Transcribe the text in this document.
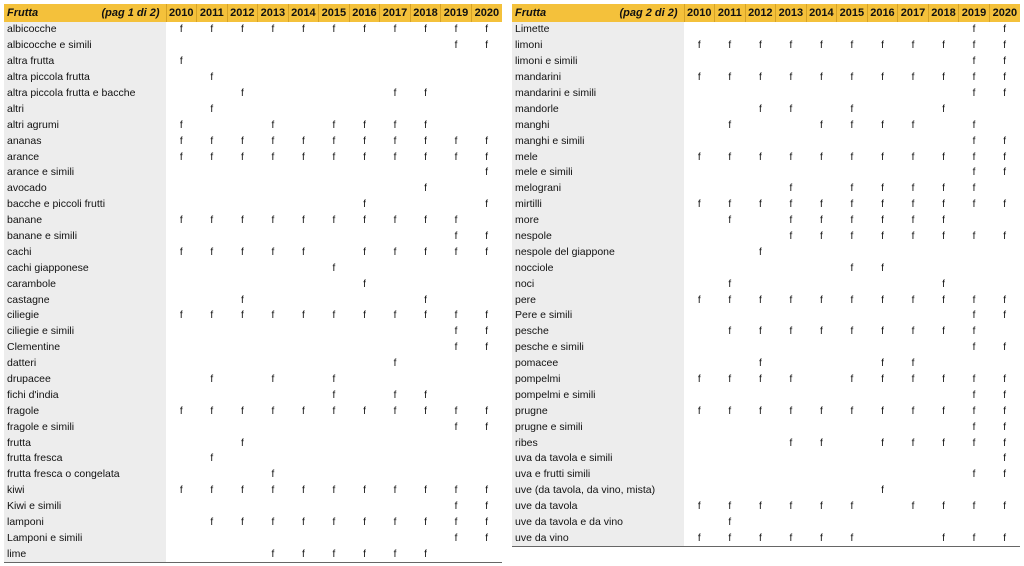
Frutta (pag 1 di 2)	2010	2011	2012	2013	2014	2015	2016	2017	2018	2019	2020
albicocche	f	f	f	f	f	f	f	f	f	f	f
albicocche e simili										f	f
altra frutta	f										
altra piccola frutta		f									
altra piccola frutta e bacche			f					f	f		
altri		f									
altri agrumi	f			f		f	f	f	f		
ananas	f	f	f	f	f	f	f	f	f	f	f
arance	f	f	f	f	f	f	f	f	f	f	f
arance e simili											f
avocado									f		
bacche e piccoli frutti							f				f
banane	f	f	f	f	f	f	f	f	f	f	
banane e simili										f	f
cachi	f	f	f	f	f		f	f	f	f	f
cachi giapponese						f					
carambole							f				
castagne			f						f		
ciliegie	f	f	f	f	f	f	f	f	f	f	f
ciliegie e simili										f	f
Clementine										f	f
datteri								f			
drupacee		f		f		f					
fichi d'india						f		f	f		
fragole	f	f	f	f	f	f	f	f	f	f	f
fragole e simili										f	f
frutta			f								
frutta fresca		f									
frutta fresca o congelata				f							
kiwi	f	f	f	f	f	f	f	f	f	f	f
Kiwi e simili										f	f
lamponi		f	f	f	f	f	f	f	f	f	f
Lamponi e simili										f	f
lime				f	f	f	f	f	f		
Frutta (pag 2 di 2)	2010	2011	2012	2013	2014	2015	2016	2017	2018	2019	2020
Limette										f	f
limoni	f	f	f	f	f	f	f	f	f	f	f
limoni e simili										f	f
mandarini	f	f	f	f	f	f	f	f	f	f	f
mandarini e simili										f	f
mandorle			f	f		f			f		
manghi		f			f	f	f	f		f	
manghi e simili										f	f
mele	f	f	f	f	f	f	f	f	f	f	f
mele e simili										f	f
melograni				f		f	f	f	f	f	
mirtilli	f	f	f	f	f	f	f	f	f	f	f
more		f		f	f	f	f	f	f		
nespole				f	f	f	f	f	f	f	f
nespole del giappone			f								
nocciole						f	f				
noci		f							f		
pere	f	f	f	f	f	f	f	f	f	f	f
Pere e simili										f	f
pesche		f	f	f	f	f	f	f	f	f	
pesche e simili										f	f
pomacee			f				f	f			
pompelmi	f	f	f	f		f	f	f	f	f	f
pompelmi e simili										f	f
prugne	f	f	f	f	f	f	f	f	f	f	f
prugne e simili										f	f
ribes				f	f		f	f	f	f	f
uva da tavola e simili											f
uva e frutti simili										f	f
uve (da tavola, da vino, mista)							f				
uve da tavola	f	f	f	f	f	f		f	f	f	f
uve da tavola e da vino		f									
uve da vino	f	f	f	f	f	f			f	f	f
